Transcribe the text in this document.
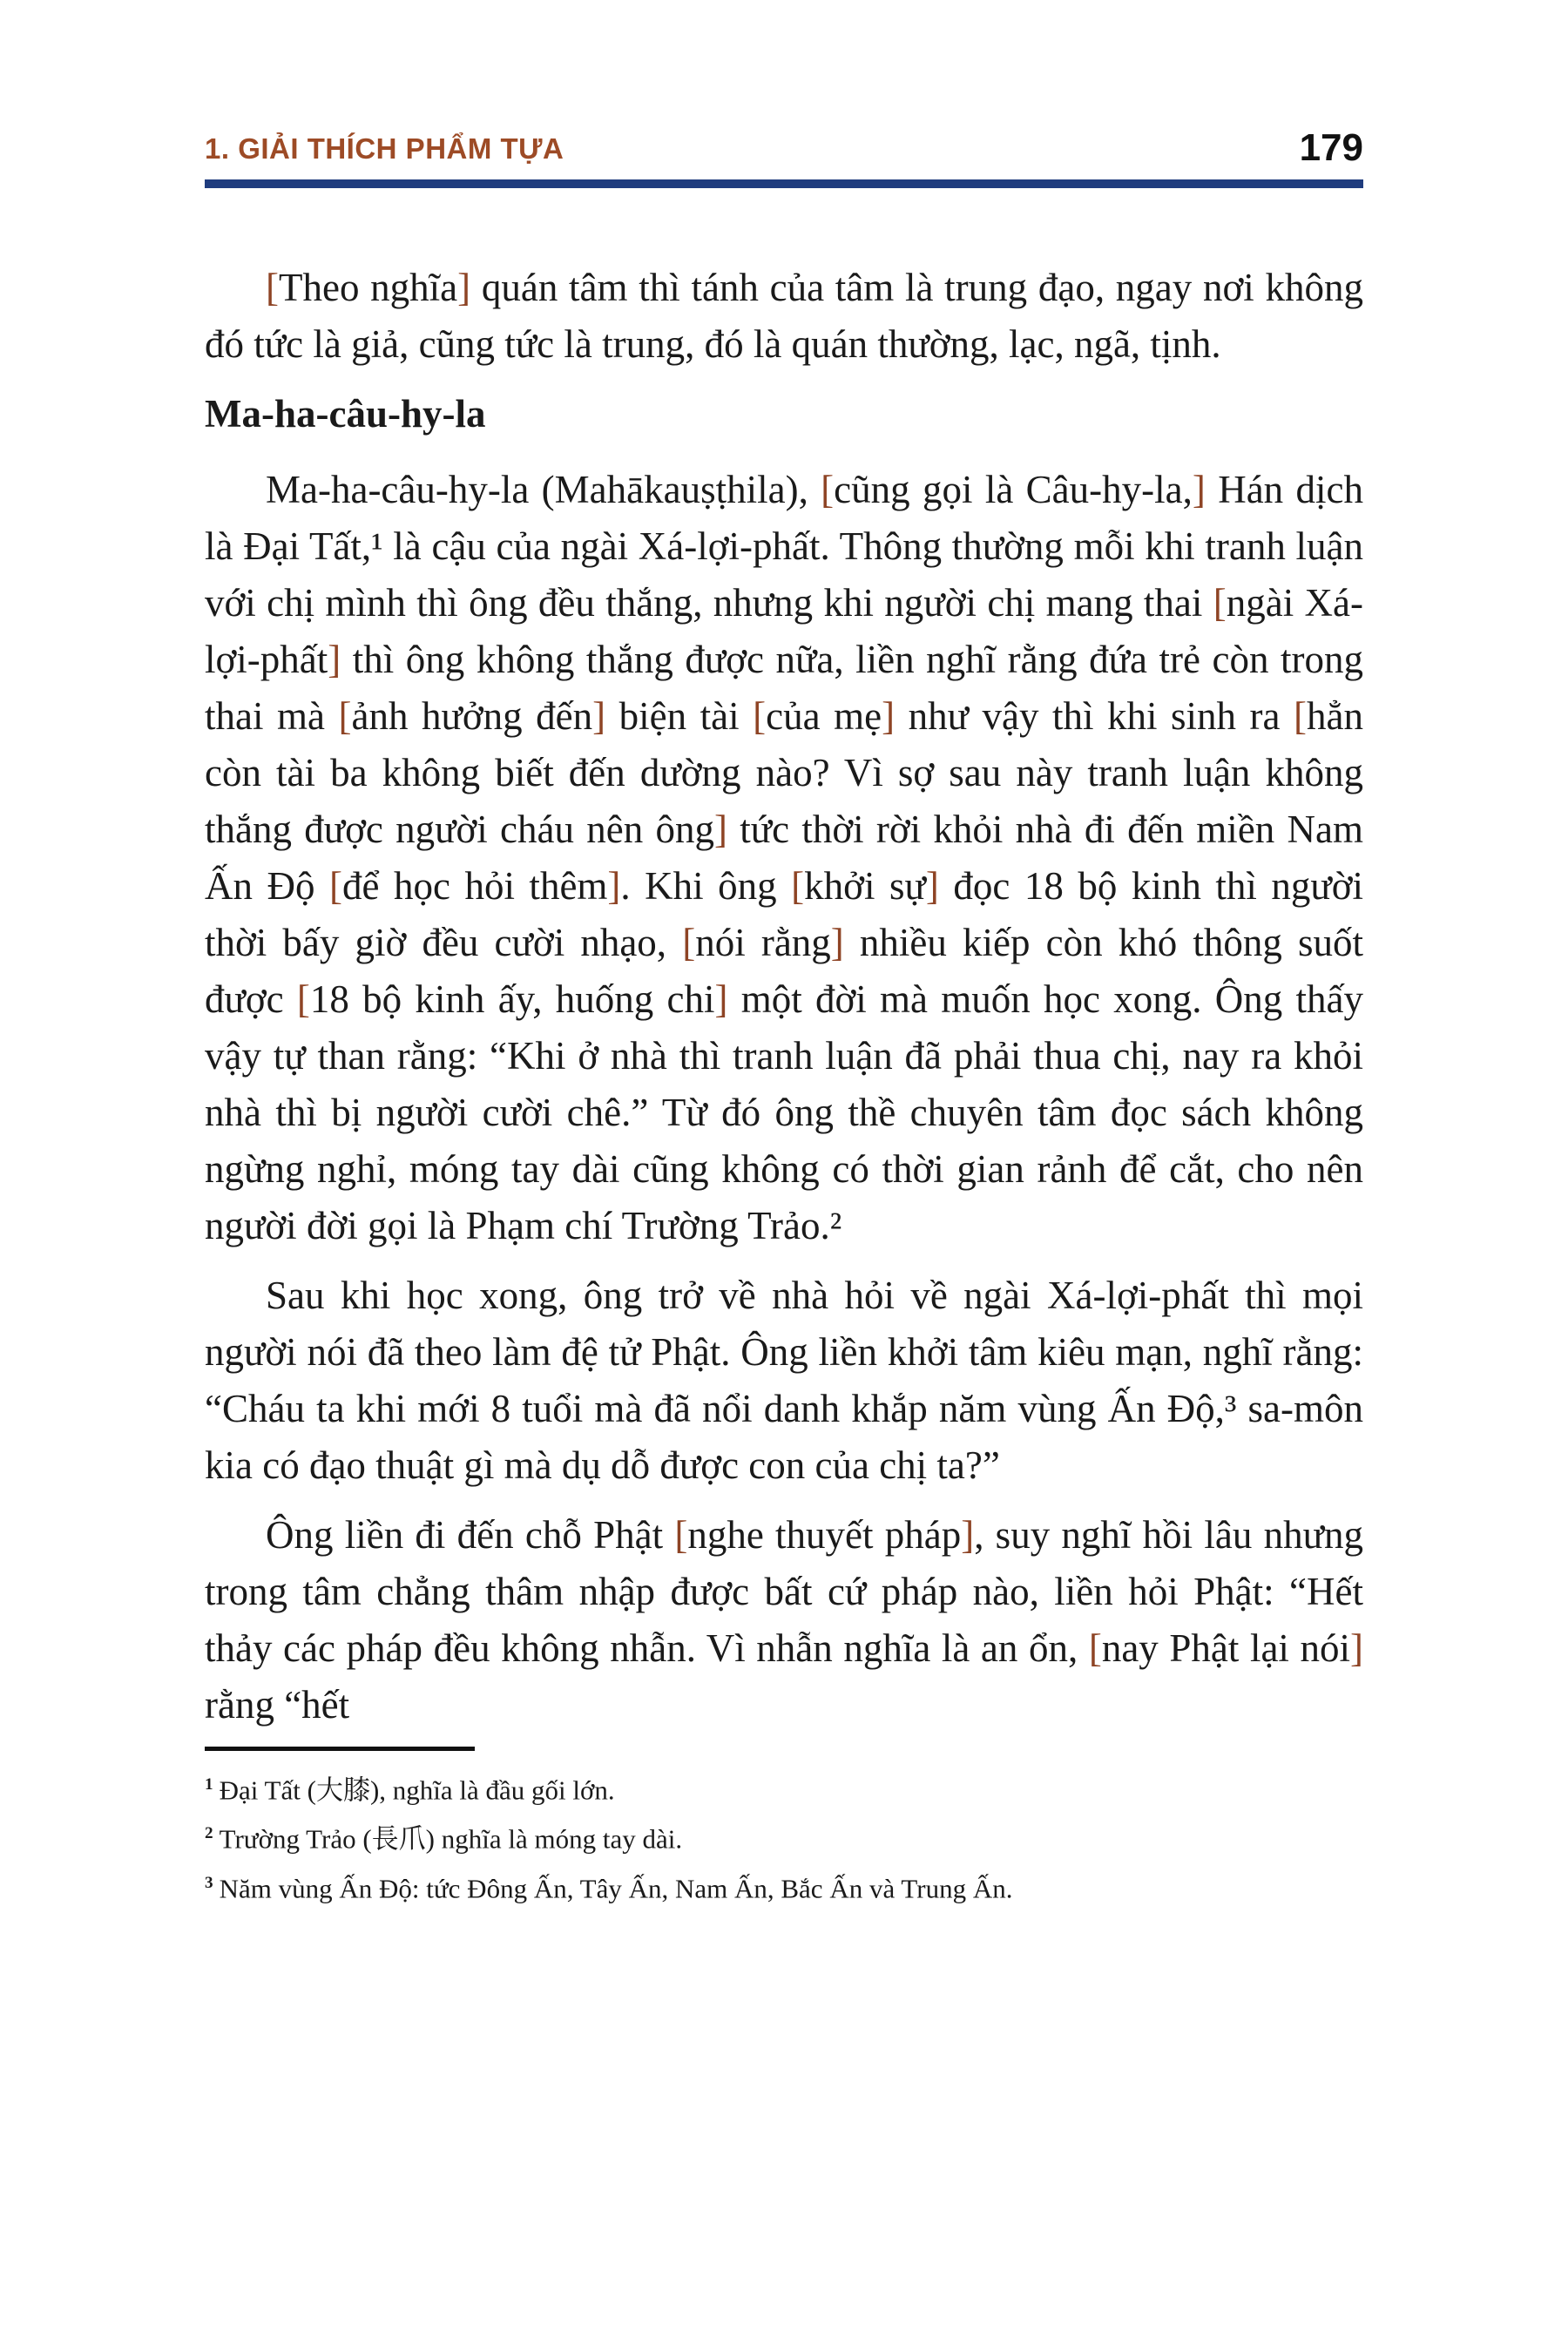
1. GIẢI THÍCH PHẨM TỰA	179

[Theo nghĩa] quán tâm thì tánh của tâm là trung đạo, ngay nơi không đó tức là giả, cũng tức là trung, đó là quán thường, lạc, ngã, tịnh.

Ma-ha-câu-hy-la

Ma-ha-câu-hy-la (Mahākauṣṭhila), [cũng gọi là Câu-hy-la,] Hán dịch là Đại Tất,¹ là cậu của ngài Xá-lợi-phất. Thông thường mỗi khi tranh luận với chị mình thì ông đều thắng, nhưng khi người chị mang thai [ngài Xá-lợi-phất] thì ông không thắng được nữa, liền nghĩ rằng đứa trẻ còn trong thai mà [ảnh hưởng đến] biện tài [của mẹ] như vậy thì khi sinh ra [hẳn còn tài ba không biết đến dường nào? Vì sợ sau này tranh luận không thắng được người cháu nên ông] tức thời rời khỏi nhà đi đến miền Nam Ấn Độ [để học hỏi thêm]. Khi ông [khởi sự] đọc 18 bộ kinh thì người thời bấy giờ đều cười nhạo, [nói rằng] nhiều kiếp còn khó thông suốt được [18 bộ kinh ấy, huống chi] một đời mà muốn học xong. Ông thấy vậy tự than rằng: “Khi ở nhà thì tranh luận đã phải thua chị, nay ra khỏi nhà thì bị người cười chê.” Từ đó ông thề chuyên tâm đọc sách không ngừng nghỉ, móng tay dài cũng không có thời gian rảnh để cắt, cho nên người đời gọi là Phạm chí Trường Trảo.²

Sau khi học xong, ông trở về nhà hỏi về ngài Xá-lợi-phất thì mọi người nói đã theo làm đệ tử Phật. Ông liền khởi tâm kiêu mạn, nghĩ rằng: “Cháu ta khi mới 8 tuổi mà đã nổi danh khắp năm vùng Ấn Độ,³ sa-môn kia có đạo thuật gì mà dụ dỗ được con của chị ta?”

Ông liền đi đến chỗ Phật [nghe thuyết pháp], suy nghĩ hồi lâu nhưng trong tâm chẳng thâm nhập được bất cứ pháp nào, liền hỏi Phật: “Hết thảy các pháp đều không nhẫn. Vì nhẫn nghĩa là an ổn, [nay Phật lại nói] rằng “hết

$^1$ Đại Tất (大膝), nghĩa là đầu gối lớn.
$^2$ Trường Trảo (長爪) nghĩa là móng tay dài.
$^3$ Năm vùng Ấn Độ: tức Đông Ấn, Tây Ấn, Nam Ấn, Bắc Ấn và Trung Ấn.
